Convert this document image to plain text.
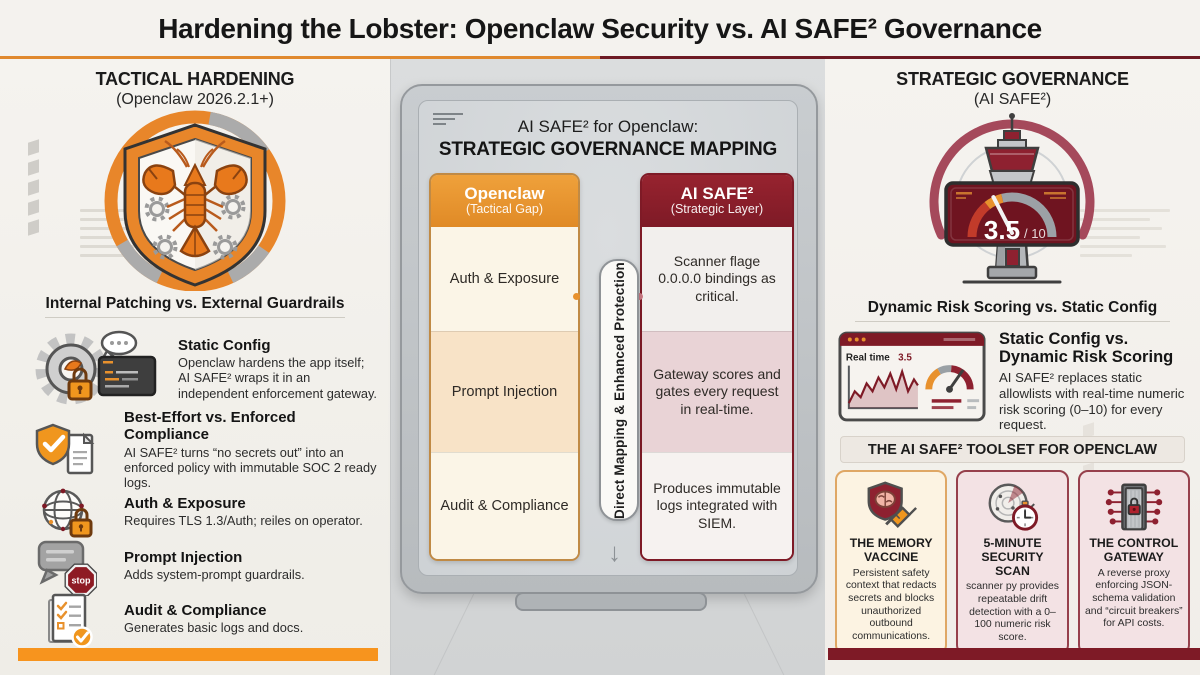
Hardening the Lobster: Openclaw Security vs. AI SAFE² Governance
TACTICAL HARDENING
(Openclaw 2026.2.1+)
Internal Patching vs. External Guardrails
Static Config
Openclaw hardens the app itself; AI SAFE² wraps it in an independent enforcement gateway.
Best-Effort vs. Enforced Compliance
AI SAFE² turns “no secrets out” into an enforced policy with immutable SOC 2 ready logs.
Auth & Exposure
Requires TLS 1.3/Auth; reiles on operator.
stop
Prompt Injection
Adds system-prompt guardrails.
Audit & Compliance
Generates basic logs and docs.
AI SAFE² for Openclaw:
STRATEGIC GOVERNANCE MAPPING
Openclaw
(Tactical Gap)
Auth & Exposure
Prompt Injection
Audit & Compliance
AI SAFE²
(Strategic Layer)
Scanner flage 0.0.0.0 bindings as critical.
Gateway scores and gates every request in real-time.
Produces immutable logs integrated with SIEM.
Direct Mapping & Enhanced Protection
↓
STRATEGIC GOVERNANCE
(AI SAFE²)
3.5 / 10
Dynamic Risk Scoring vs. Static Config
Real time 3.5
Static Config vs. Dynamic Risk Scoring
AI SAFE² replaces static allowlists with real-time numeric risk scoring (0–10) for every request.
THE AI SAFE² TOOLSET FOR OPENCLAW
THE MEMORY VACCINE
Persistent safety context that redacts secrets and blocks unauthorized outbound communications.
5-MINUTE SECURITY SCAN
scanner py provides repeatable drift detection with a 0–100 numeric risk score.
THE CONTROL GATEWAY
A reverse proxy enforcing JSON-schema validation and “circuit breakers” for API costs.
